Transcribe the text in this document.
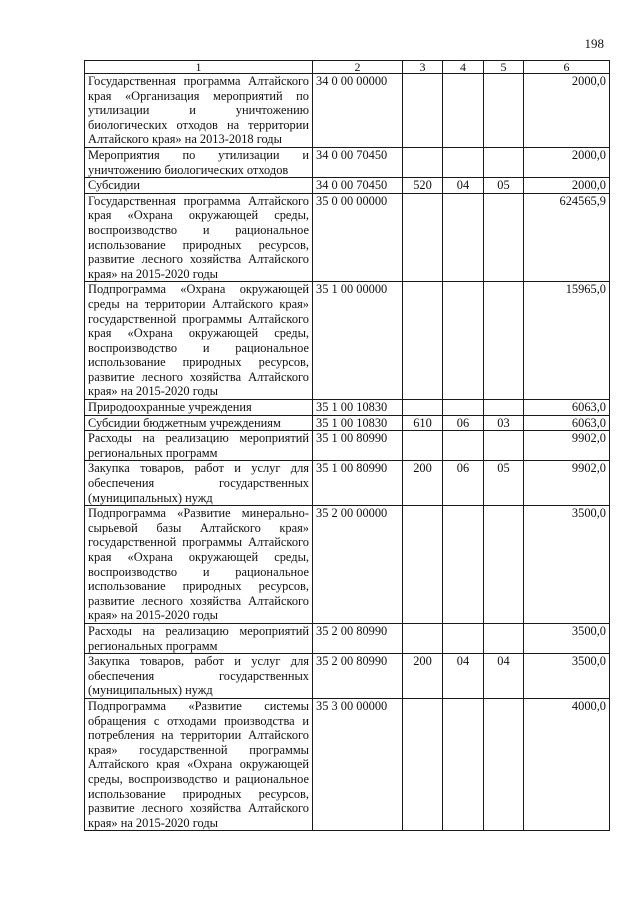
198
1	2	3	4	5	6
Государственная программа Алтайского края «Организация мероприятий по утилизации и уничтожению биологических отходов на территории Алтайского края» на 2013-2018 годы	34 0 00 00000				2000,0
Мероприятия по утилизации и уничтожению биологических отходов	34 0 00 70450				2000,0
Субсидии	34 0 00 70450	520	04	05	2000,0
Государственная программа Алтайского края «Охрана окружающей среды, воспроизводство и рациональное использование природных ресурсов, развитие лесного хозяйства Алтайского края» на 2015-2020 годы	35 0 00 00000				624565,9
Подпрограмма «Охрана окружающей среды на территории Алтайского края» государственной программы Алтайского края «Охрана окружающей среды, воспроизводство и рациональное использование природных ресурсов, развитие лесного хозяйства Алтайского края» на 2015-2020 годы	35 1 00 00000				15965,0
Природоохранные учреждения	35 1 00 10830				6063,0
Субсидии бюджетным учреждениям	35 1 00 10830	610	06	03	6063,0
Расходы на реализацию мероприятий региональных программ	35 1 00 80990				9902,0
Закупка товаров, работ и услуг для обеспечения государственных (муниципальных) нужд	35 1 00 80990	200	06	05	9902,0
Подпрограмма «Развитие минерально-сырьевой базы Алтайского края» государственной программы Алтайского края «Охрана окружающей среды, воспроизводство и рациональное использование природных ресурсов, развитие лесного хозяйства Алтайского края» на 2015-2020 годы	35 2 00 00000				3500,0
Расходы на реализацию мероприятий региональных программ	35 2 00 80990				3500,0
Закупка товаров, работ и услуг для обеспечения государственных (муниципальных) нужд	35 2 00 80990	200	04	04	3500,0
Подпрограмма «Развитие системы обращения с отходами производства и потребления на территории Алтайского края» государственной программы Алтайского края «Охрана окружающей среды, воспроизводство и рациональное использование природных ресурсов, развитие лесного хозяйства Алтайского края» на 2015-2020 годы	35 3 00 00000				4000,0
